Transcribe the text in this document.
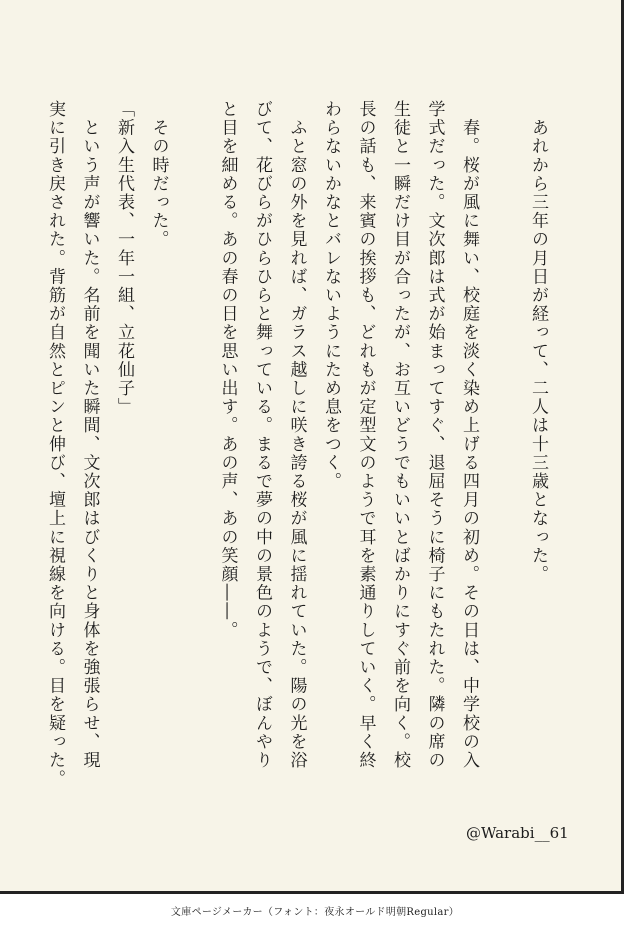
　あれから三年の月日が経って、二人は十三歳となった。
　春。桜が風に舞い、校庭を淡く染め上げる四月の初め。その日は、中学校の入
学式だった。文次郎は式が始まってすぐ、退屈そうに椅子にもたれた。隣の席の
生徒と一瞬だけ目が合ったが、お互いどうでもいいとばかりにすぐ前を向く。校
長の話も、来賓の挨拶も、どれもが定型文のようで耳を素通りしていく。早く終
わらないかなとバレないようにため息をつく。
　ふと窓の外を見れば、ガラス越しに咲き誇る桜が風に揺れていた。陽の光を浴
びて、花びらがひらひらと舞っている。まるで夢の中の景色のようで、ぼんやり
と目を細める。あの春の日を思い出す。あの声、あの笑顔――。
　その時だった。
「新入生代表、一年一組、立花仙子」
　という声が響いた。名前を聞いた瞬間、文次郎はびくりと身体を強張らせ、現
実に引き戻された。背筋が自然とピンと伸び、壇上に視線を向ける。目を疑った。
@Warabi__61
文庫ページメーカー（フォント：夜永オールド明朝Regular）
